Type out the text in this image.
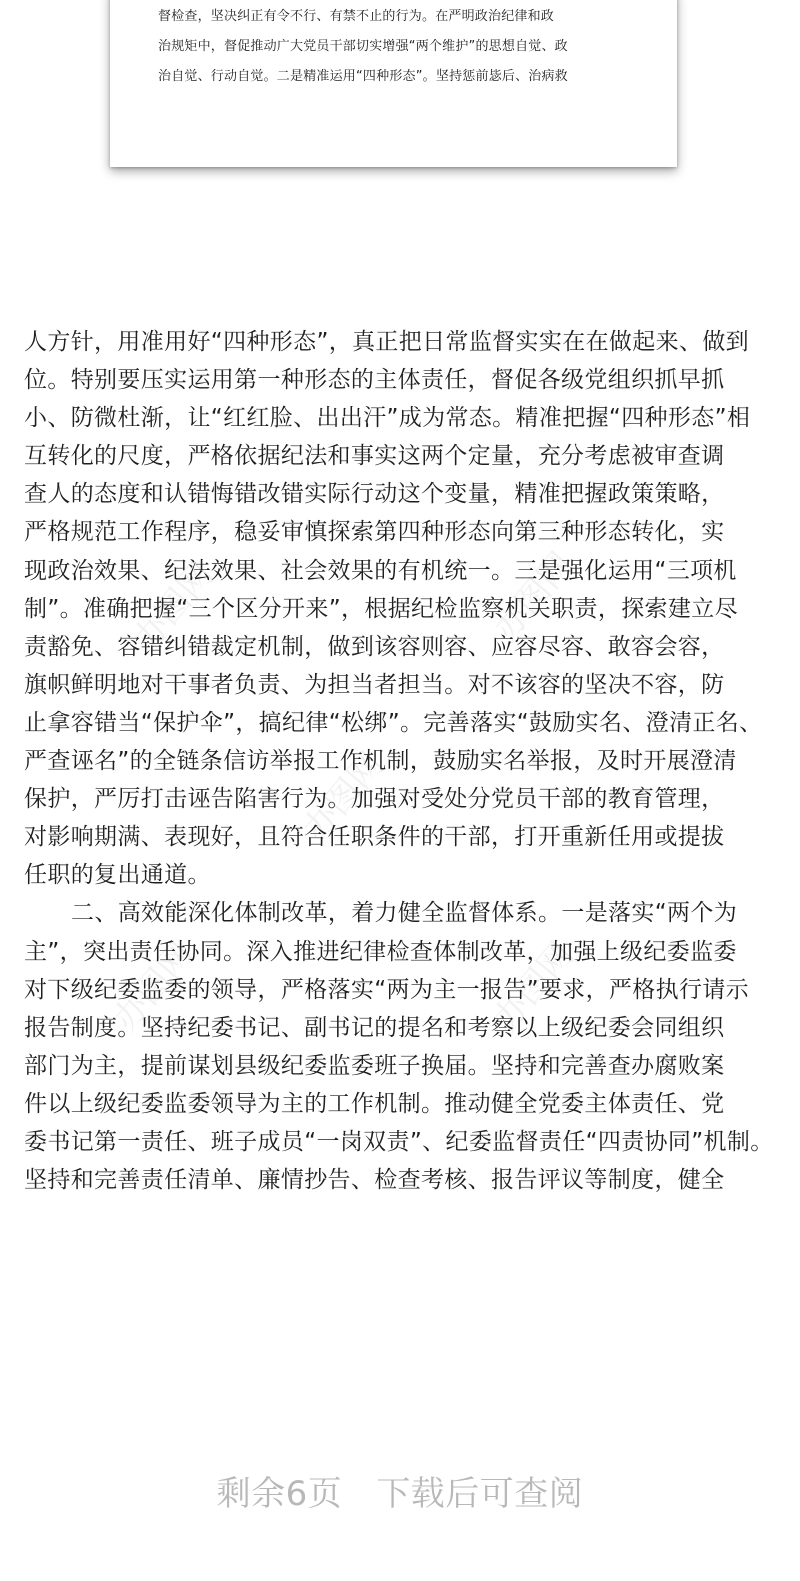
督检查，坚决纠正有令不行、有禁不止的行为。在严明政治纪律和政
治规矩中，督促推动广大党员干部切实增强“两个维护”的思想自觉、政
治自觉、行动自觉。二是精准运用“四种形态”。坚持惩前毖后、治病救
办图网	办图网
办图网
办图网	办图网
人方针，用准用好“四种形态”，真正把日常监督实实在在做起来、做到
位。特别要压实运用第一种形态的主体责任，督促各级党组织抓早抓
小、防微杜渐，让“红红脸、出出汗”成为常态。精准把握“四种形态”相
互转化的尺度，严格依据纪法和事实这两个定量，充分考虑被审查调
查人的态度和认错悔错改错实际行动这个变量，精准把握政策策略，
严格规范工作程序，稳妥审慎探索第四种形态向第三种形态转化，实
现政治效果、纪法效果、社会效果的有机统一。三是强化运用“三项机
制”。准确把握“三个区分开来”，根据纪检监察机关职责，探索建立尽
责豁免、容错纠错裁定机制，做到该容则容、应容尽容、敢容会容，
旗帜鲜明地对干事者负责、为担当者担当。对不该容的坚决不容，防
止拿容错当“保护伞”，搞纪律“松绑”。完善落实“鼓励实名、澄清正名、
严查诬名”的全链条信访举报工作机制，鼓励实名举报，及时开展澄清
保护，严厉打击诬告陷害行为。加强对受处分党员干部的教育管理，
对影响期满、表现好，且符合任职条件的干部，打开重新任用或提拔
任职的复出通道。
二、高效能深化体制改革，着力健全监督体系。一是落实“两个为
主”，突出责任协同。深入推进纪律检查体制改革，加强上级纪委监委
对下级纪委监委的领导，严格落实“两为主一报告”要求，严格执行请示
报告制度。坚持纪委书记、副书记的提名和考察以上级纪委会同组织
部门为主，提前谋划县级纪委监委班子换届。坚持和完善查办腐败案
件以上级纪委监委领导为主的工作机制。推动健全党委主体责任、党
委书记第一责任、班子成员“一岗双责”、纪委监督责任“四责协同”机制。
坚持和完善责任清单、廉情抄告、检查考核、报告评议等制度，健全
剩余6页 下载后可查阅
